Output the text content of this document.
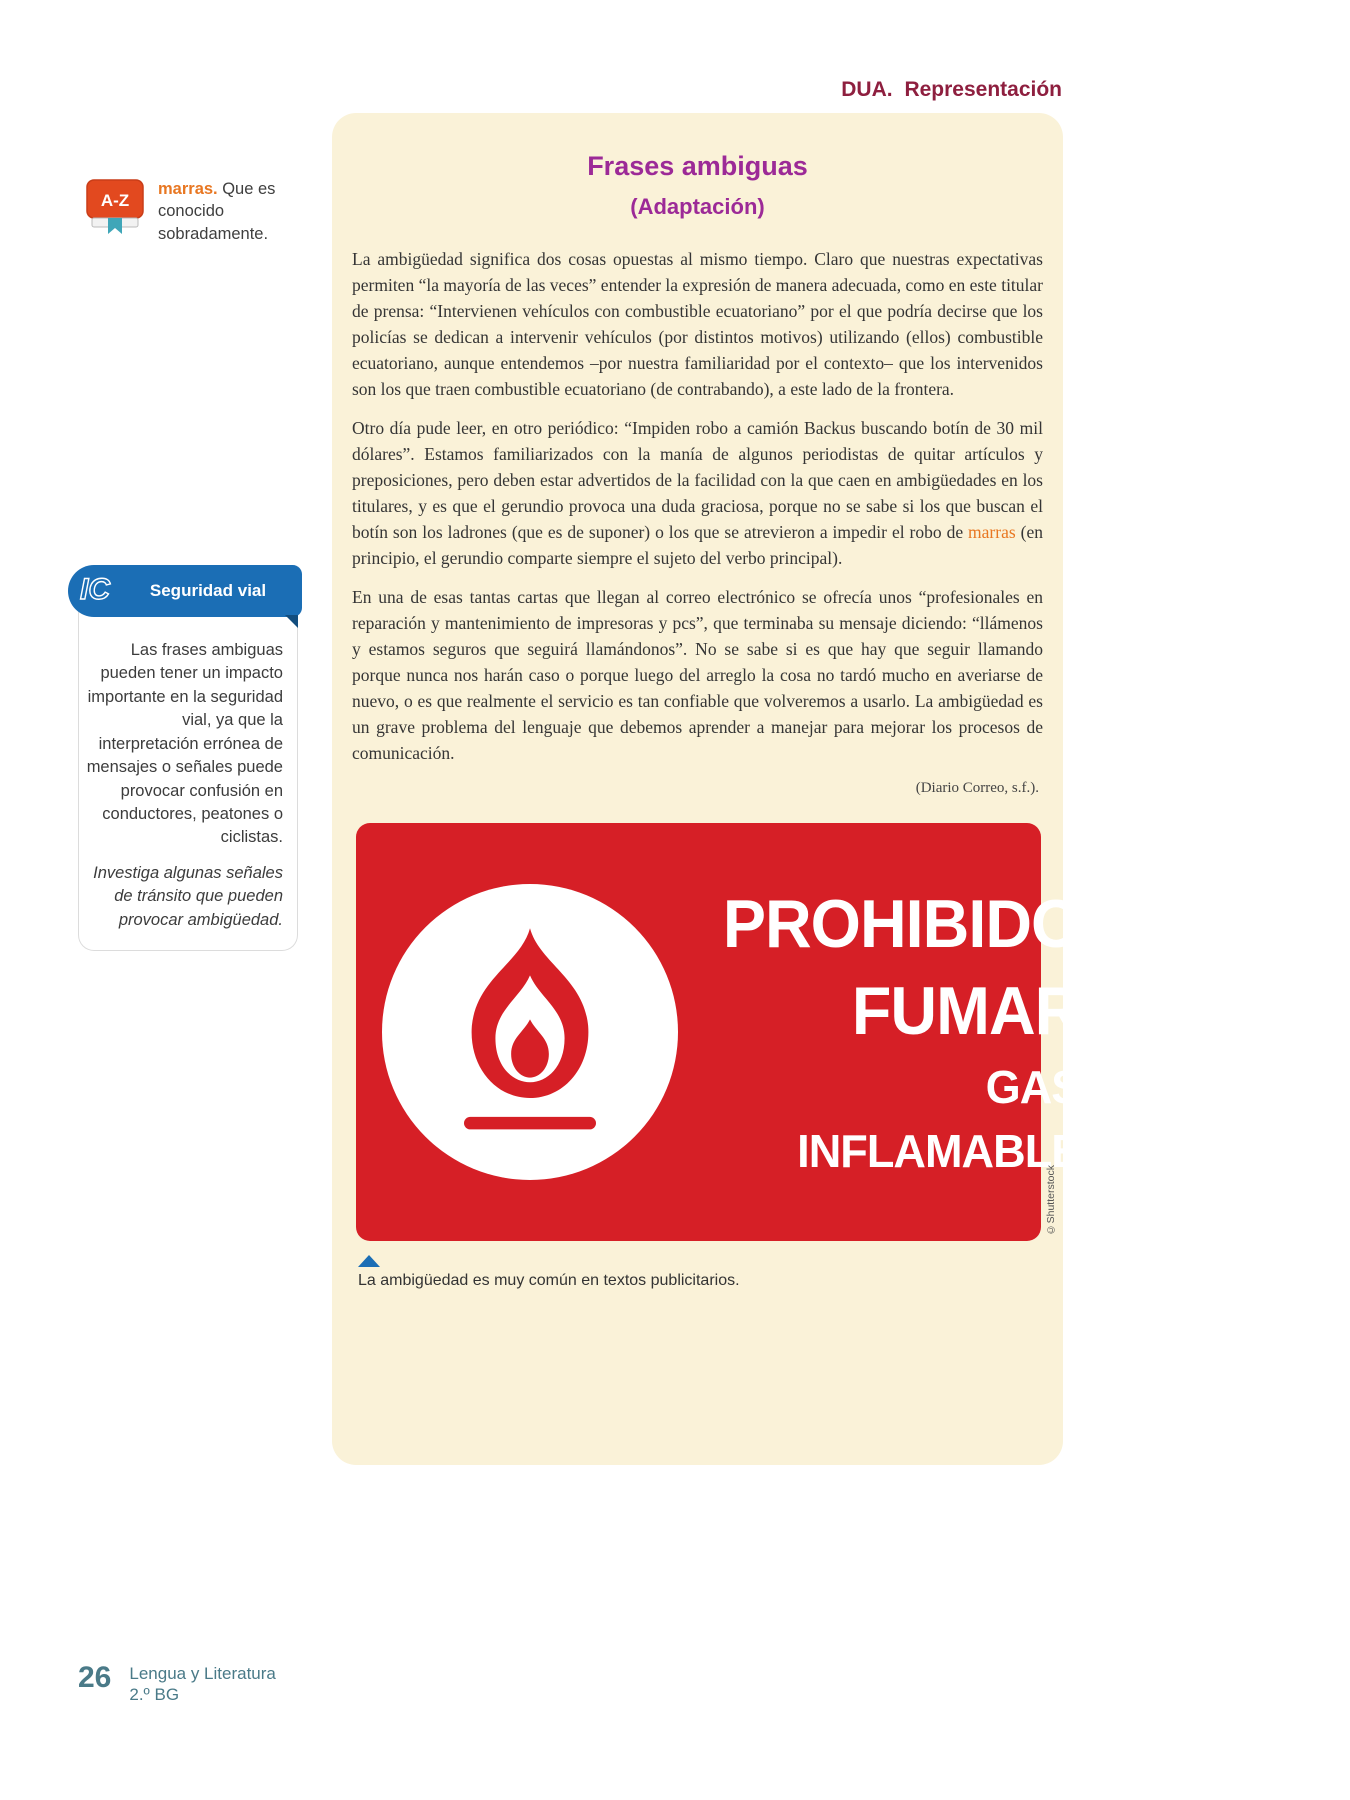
DUA. Representación
A-Z
marras. Que es conocido sobradamente.
IC	Seguridad vial
Las frases ambiguas pueden tener un impacto importante en la seguridad vial, ya que la interpretación errónea de mensajes o señales puede provocar confusión en conductores, peatones o ciclistas.
Investiga algunas señales de tránsito que pueden provocar ambigüedad.
Frases ambiguas
(Adaptación)

La ambigüedad significa dos cosas opuestas al mismo tiempo. Claro que nuestras expectativas permiten “la mayoría de las veces” entender la expresión de manera adecuada, como en este titular de prensa: “Intervienen vehículos con combustible ecuatoriano” por el que podría decirse que los policías se dedican a intervenir vehículos (por distintos motivos) utilizando (ellos) combustible ecuatoriano, aunque entendemos –por nuestra familiaridad por el contexto– que los intervenidos son los que traen combustible ecuatoriano (de contrabando), a este lado de la frontera.

Otro día pude leer, en otro periódico: “Impiden robo a camión Backus buscando botín de 30 mil dólares”. Estamos familiarizados con la manía de algunos periodistas de quitar artículos y preposiciones, pero deben estar advertidos de la facilidad con la que caen en ambigüedades en los titulares, y es que el gerundio provoca una duda graciosa, porque no se sabe si los que buscan el botín son los ladrones (que es de suponer) o los que se atrevieron a impedir el robo de marras (en principio, el gerundio comparte siempre el sujeto del verbo principal).

En una de esas tantas cartas que llegan al correo electrónico se ofrecía unos “profesionales en reparación y mantenimiento de impresoras y pcs”, que terminaba su mensaje diciendo: “llámenos y estamos seguros que seguirá llamándonos”. No se sabe si es que hay que seguir llamando porque nunca nos harán caso o porque luego del arreglo la cosa no tardó mucho en averiarse de nuevo, o es que realmente el servicio es tan confiable que volveremos a usarlo. La ambigüedad es un grave problema del lenguaje que debemos aprender a manejar para mejorar los procesos de comunicación.

(Diario Correo, s.f.).
PROHIBIDO
FUMAR
GAS INFLAMABLE
©Shutterstock
La ambigüedad es muy común en textos publicitarios.
26 Lengua y Literatura
2.º BG
